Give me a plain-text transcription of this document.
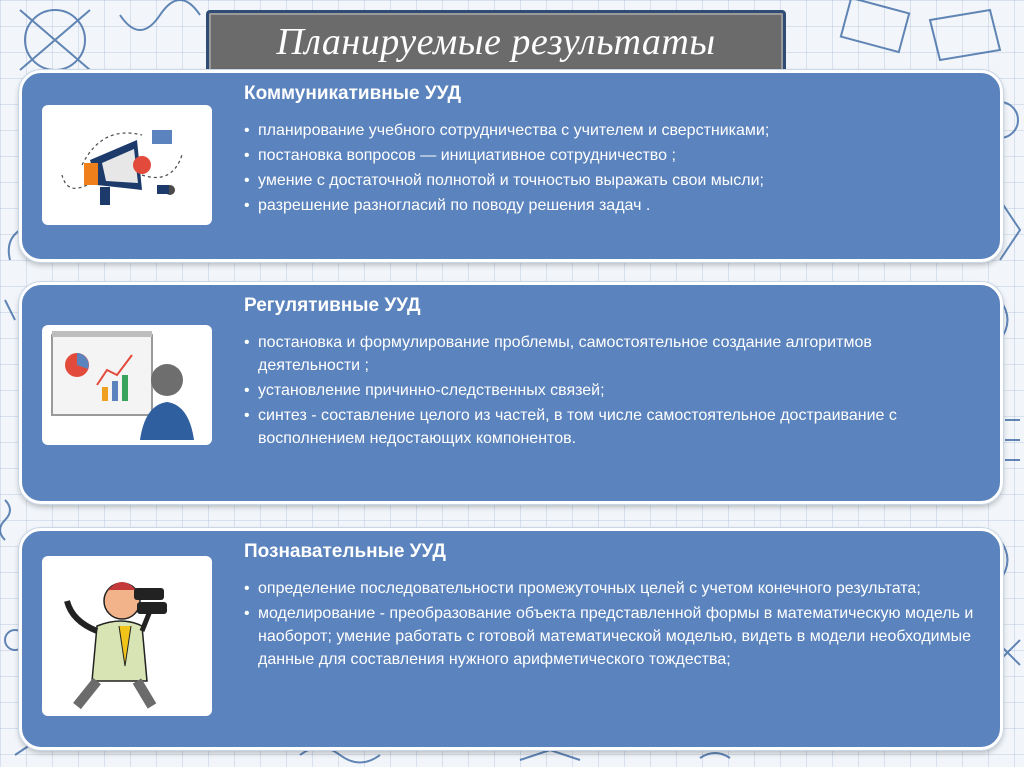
Планируемые результаты

Коммуникативные УУД

• планирование учебного сотрудничества с учителем и сверстниками;
• постановка вопросов — инициативное сотрудничество ;
• умение с достаточной полнотой и точностью выражать свои мысли;
• разрешение разногласий по поводу решения задач .

Регулятивные УУД

• постановка и формулирование проблемы, самостоятельное создание алгоритмов деятельности ;
• установление причинно-следственных связей;
• синтез - составление целого из частей, в том числе самостоятельное достраивание с восполнением недостающих компонентов.

Познавательные УУД

• определение последовательности промежуточных целей с учетом конечного результата;
• моделирование - преобразование объекта представленной формы в математическую модель и наоборот; умение работать с готовой математической моделью, видеть в модели необходимые данные для составления нужного арифметического тождества;
